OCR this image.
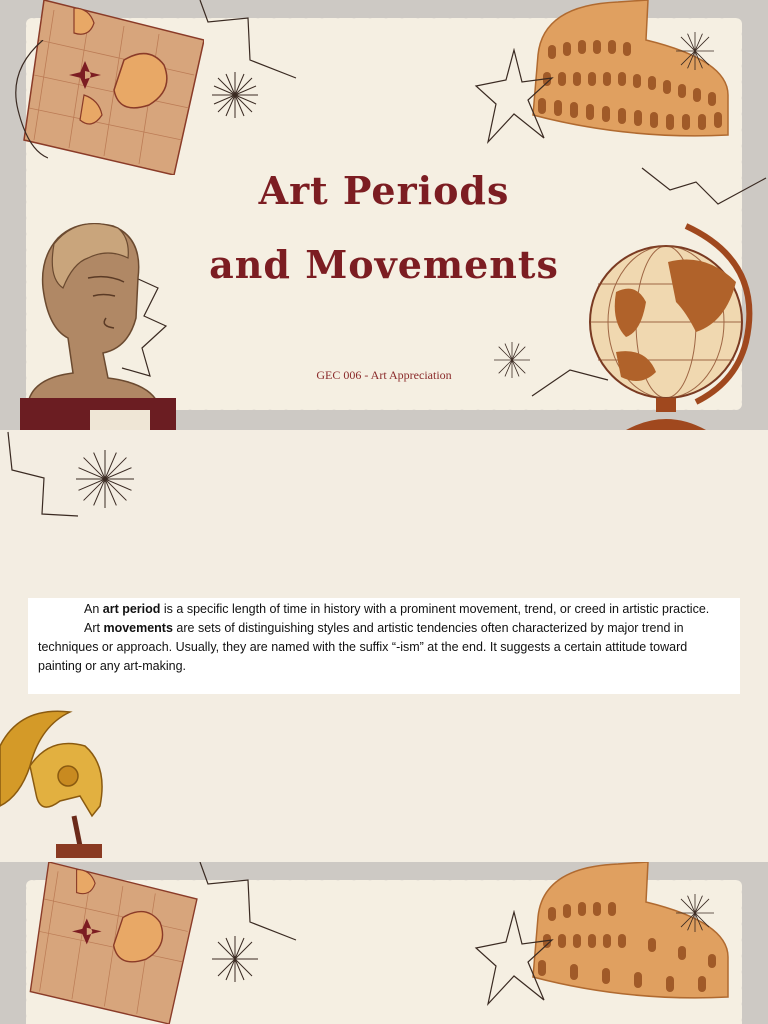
Art Periods
and Movements
GEC 006 - Art Appreciation

An art period is a specific length of time in history with a prominent movement, trend, or creed in artistic practice.

Art movements are sets of distinguishing styles and artistic tendencies often characterized by major trend in techniques or approach. Usually, they are named with the suffix “-ism” at the end. It suggests a certain attitude toward painting or any art-making.
